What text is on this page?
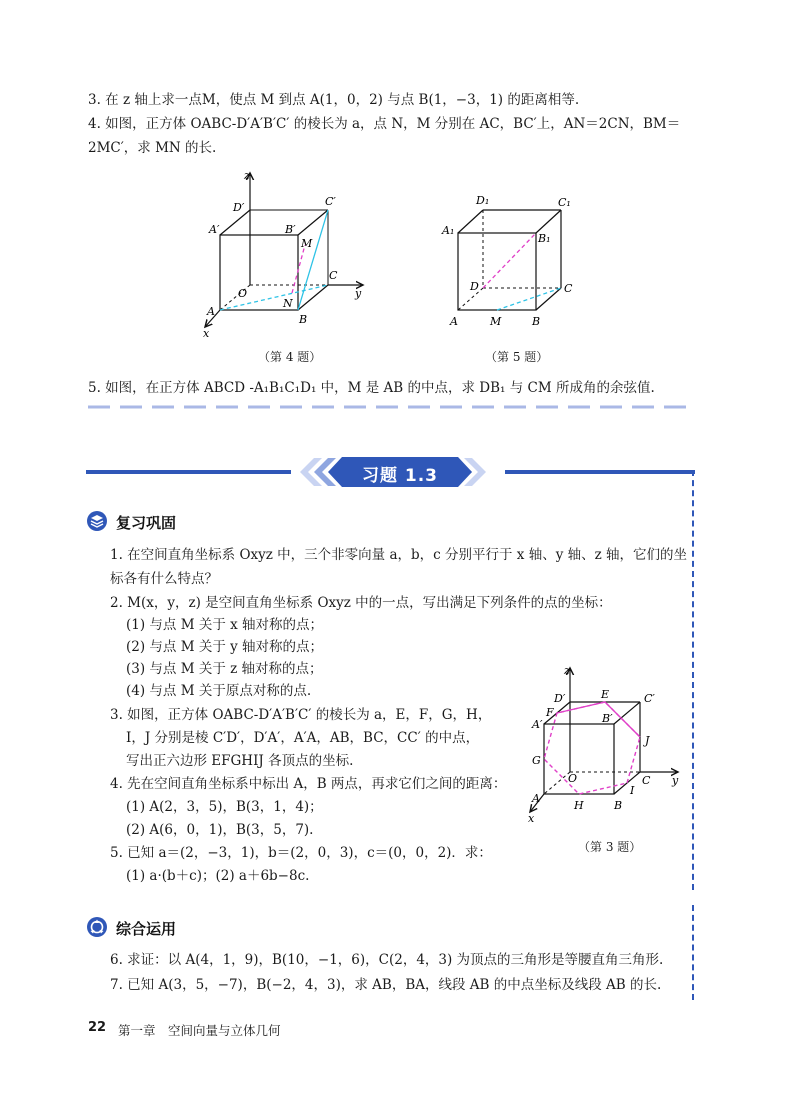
3. 在 z 轴上求一点M，使点 M 到点 A(1，0，2) 与点 B(1，−3，1) 的距离相等.
4. 如图，正方体 OABC-D′A′B′C′ 的棱长为 a，点 N，M 分别在 AC，BC′上，AN＝2CN，BM＝
2MC′，求 MN 的长.
z
y
x
D′	C′
A′	B′
M
O
C
A
N
B
（第 4 题）
D₁	C₁
A₁
B₁
D	C
A	M	B
（第 5 题）
5. 如图，在正方体 ABCD -A₁B₁C₁D₁ 中，M 是 AB 的中点，求 DB₁ 与 CM 所成角的余弦值.
习题 1.3
复习巩固
1. 在空间直角坐标系 Oxyz 中，三个非零向量 a，b，c 分别平行于 x 轴、y 轴、z 轴，它们的坐
标各有什么特点？
2. M(x，y，z) 是空间直角坐标系 Oxyz 中的一点，写出满足下列条件的点的坐标：
(1) 与点 M 关于 x 轴对称的点；
(2) 与点 M 关于 y 轴对称的点；
(3) 与点 M 关于 z 轴对称的点；
(4) 与点 M 关于原点对称的点.
3. 如图，正方体 OABC-D′A′B′C′ 的棱长为 a，E，F，G，H，
I，J 分别是棱 C′D′，D′A′，A′A，AB，BC，CC′ 的中点，
写出正六边形 EFGHIJ 各顶点的坐标.
4. 先在空间直角坐标系中标出 A，B 两点，再求它们之间的距离：
(1) A(2，3，5)，B(3，1，4)；
(2) A(6，0，1)，B(3，5，7).
5. 已知 a＝(2，−3，1)，b＝(2，0，3)，c＝(0，0，2)．求：
(1) a·(b＋c)；(2) a＋6b−8c.
z
y
x
D′	E	C′
F
A′	B′
J
G
O	C
I
A
H	B
（第 3 题）
综合运用
6. 求证：以 A(4，1，9)，B(10，−1，6)，C(2，4，3) 为顶点的三角形是等腰直角三角形.
7. 已知 A(3，5，−7)，B(−2，4，3)，求 AB，BA，线段 AB 的中点坐标及线段 AB 的长.
22 第一章　空间向量与立体几何
